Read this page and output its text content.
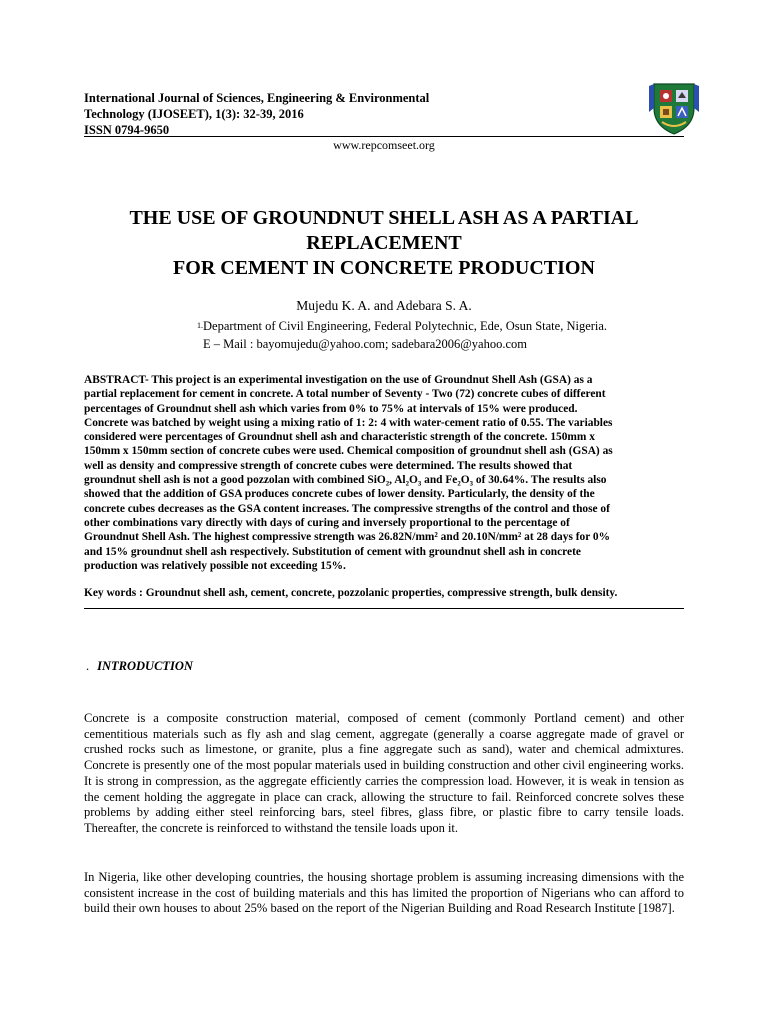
International Journal of Sciences, Engineering & Environmental
Technology (IJOSEET), 1(3): 32-39, 2016
ISSN 0794-9650
www.repcomseet.org
THE USE OF GROUNDNUT SHELL ASH AS A PARTIAL
REPLACEMENT
FOR CEMENT IN CONCRETE PRODUCTION
Mujedu K. A. and Adebara S. A.
$^{1.}$Department of Civil Engineering, Federal Polytechnic, Ede, Osun State, Nigeria.
E – Mail : bayomujedu@yahoo.com; sadebara2006@yahoo.com
ABSTRACT- This project is an experimental investigation on the use of Groundnut Shell Ash (GSA) as a
partial replacement for cement in concrete. A total number of Seventy - Two (72) concrete cubes of different
percentages of Groundnut shell ash which varies from 0% to 75% at intervals of 15% were produced.
Concrete was batched by weight using a mixing ratio of 1: 2: 4 with water-cement ratio of 0.55. The variables
considered were percentages of Groundnut shell ash and characteristic strength of the concrete. 150mm x
150mm x 150mm section of concrete cubes were used. Chemical composition of groundnut shell ash (GSA) as
well as density and compressive strength of concrete cubes were determined. The results showed that
groundnut shell ash is not a good pozzolan with combined SiO₂, Al₂O₃ and Fe₂O₃ of 30.64%. The results also
showed that the addition of GSA produces concrete cubes of lower density. Particularly, the density of the
concrete cubes decreases as the GSA content increases. The compressive strengths of the control and those of
other combinations vary directly with days of curing and inversely proportional to the percentage of
Groundnut Shell Ash. The highest compressive strength was 26.82N/mm² and 20.10N/mm² at 28 days for 0%
and 15% groundnut shell ash respectively. Substitution of cement with groundnut shell ash in concrete
production was relatively possible not exceeding 15%.
Key words : Groundnut shell ash, cement, concrete, pozzolanic properties, compressive strength, bulk density.
. INTRODUCTION
Concrete is a composite construction material, composed of cement (commonly Portland cement) and other cementitious materials such as fly ash and slag cement, aggregate (generally a coarse aggregate made of gravel or crushed rocks such as limestone, or granite, plus a fine aggregate such as sand), water and chemical admixtures. Concrete is presently one of the most popular materials used in building construction and other civil engineering works. It is strong in compression, as the aggregate efficiently carries the compression load. However, it is weak in tension as the cement holding the aggregate in place can crack, allowing the structure to fail. Reinforced concrete solves these problems by adding either steel reinforcing bars, steel fibres, glass fibre, or plastic fibre to carry tensile loads. Thereafter, the concrete is reinforced to withstand the tensile loads upon it.
In Nigeria, like other developing countries, the housing shortage problem is assuming increasing dimensions with the consistent increase in the cost of building materials and this has limited the proportion of Nigerians who can afford to build their own houses to about 25% based on the report of the Nigerian Building and Road Research Institute [1987].
